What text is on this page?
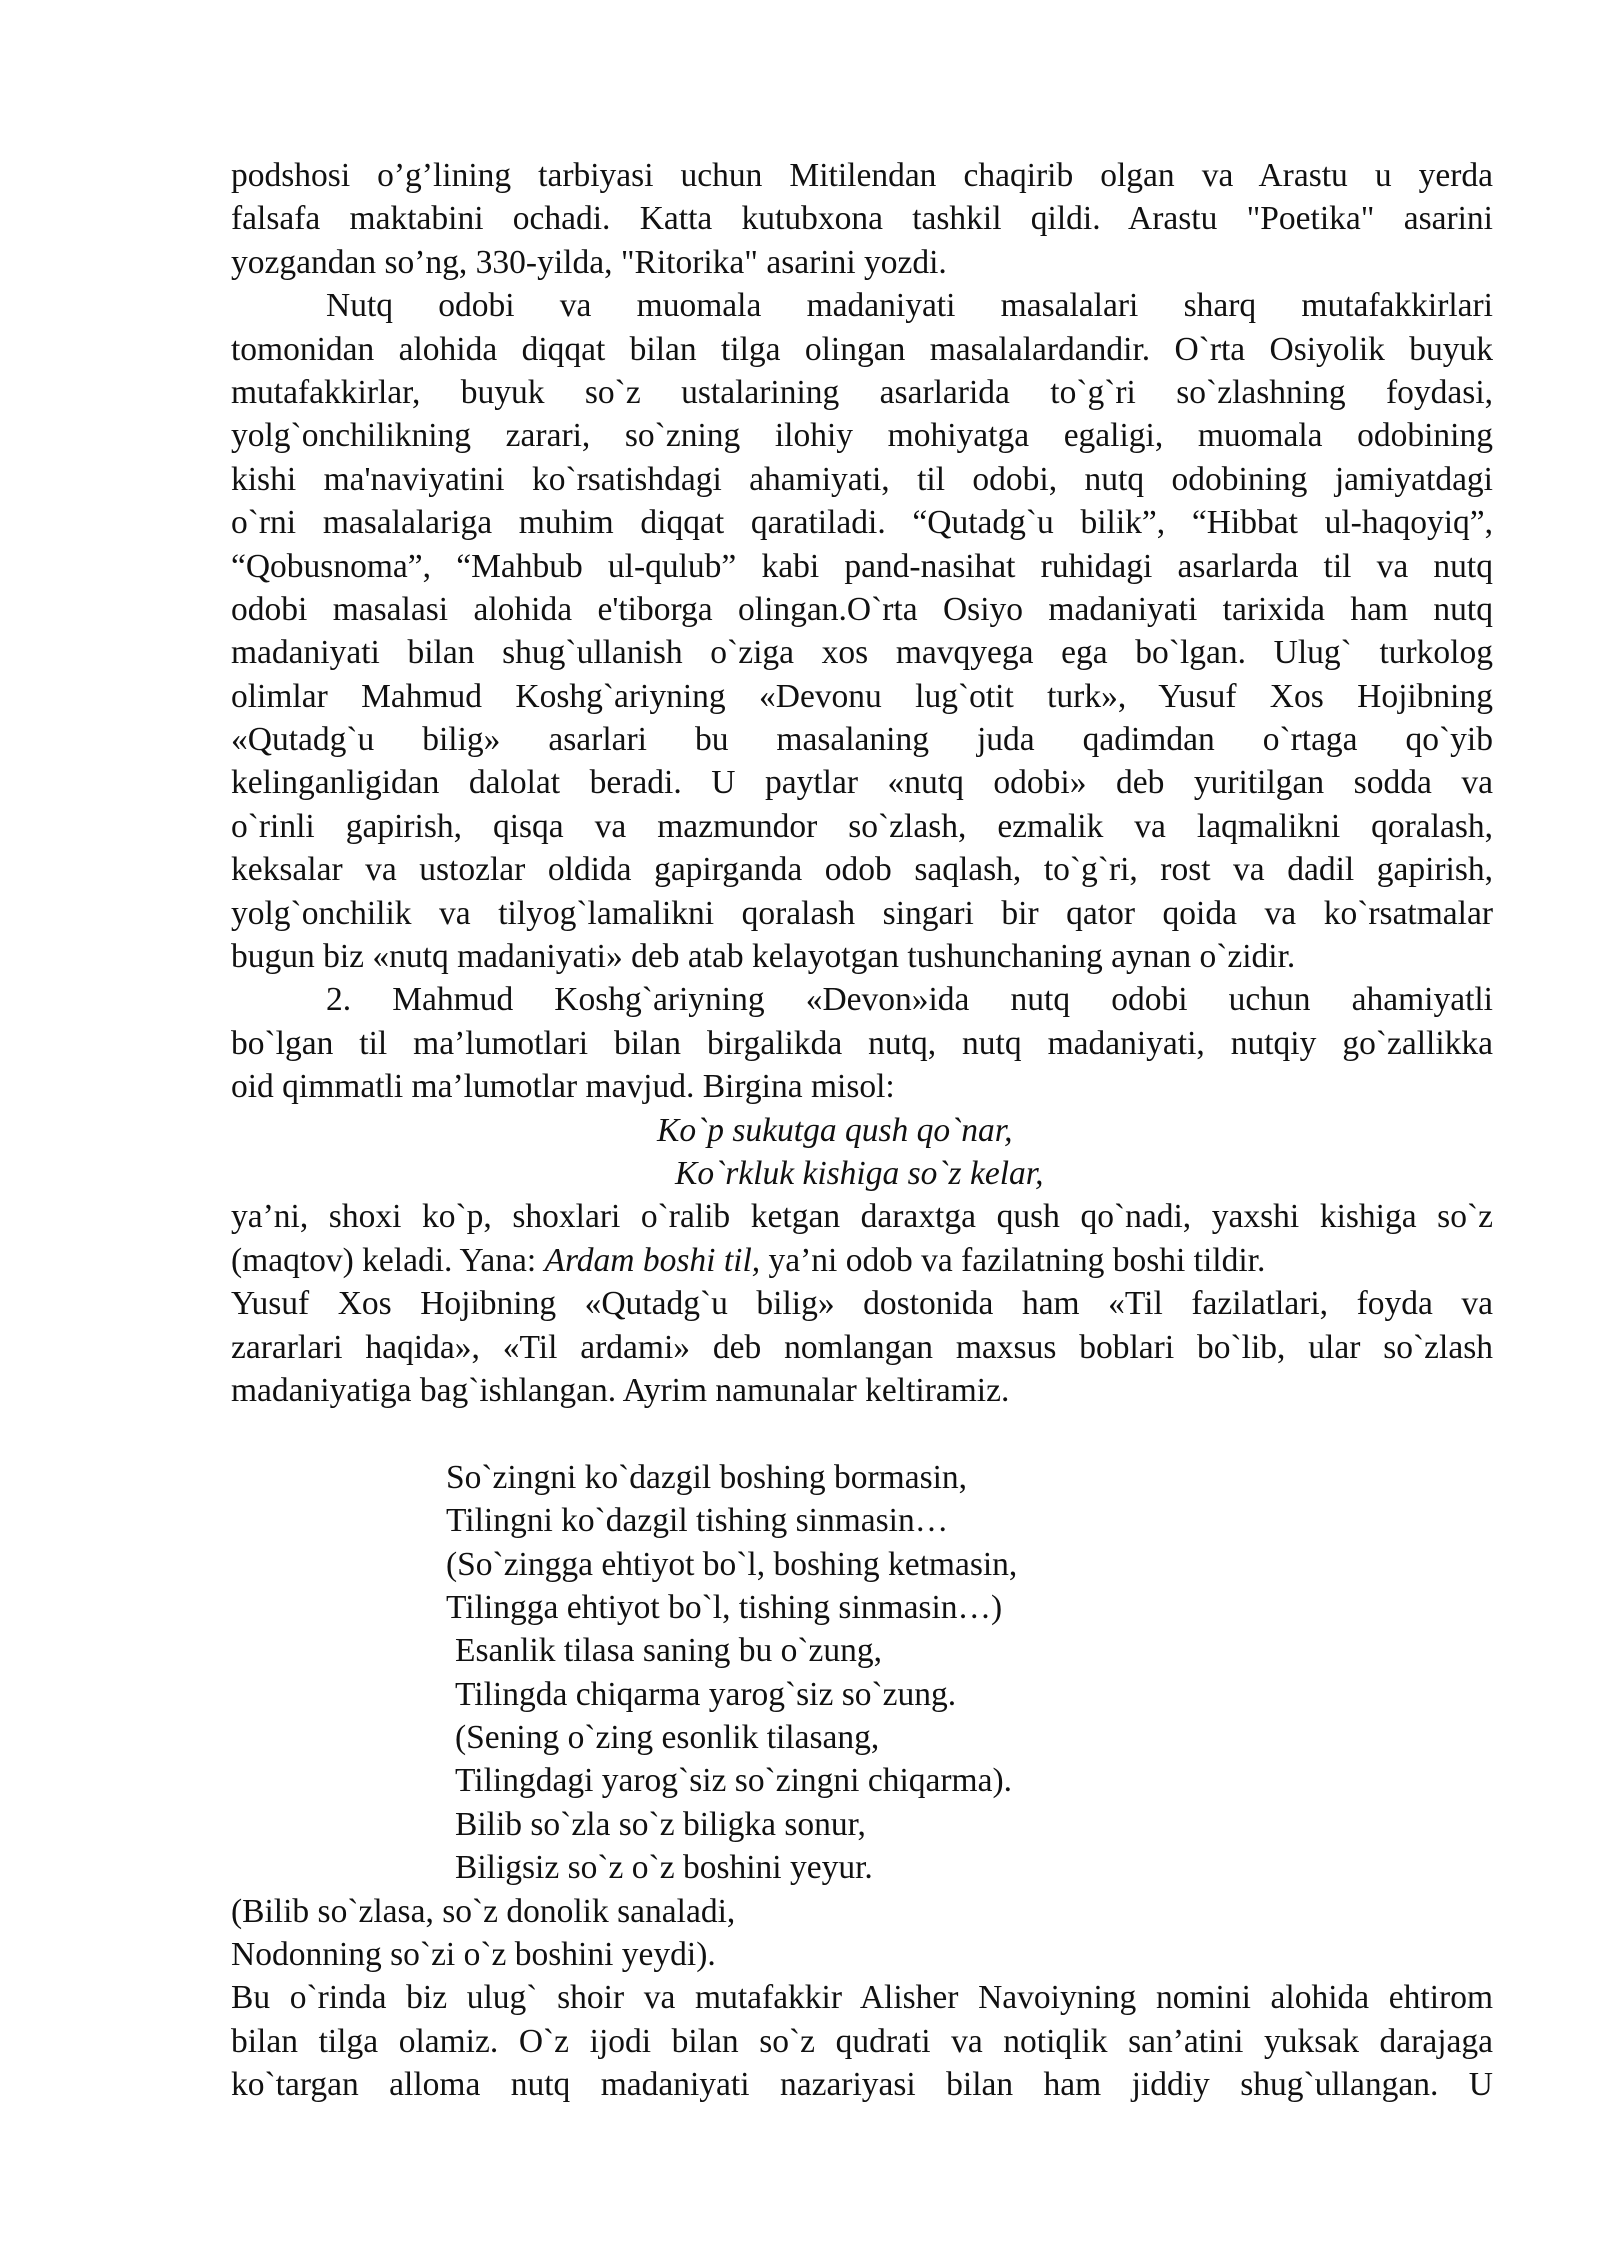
podshosi o’g’lining tarbiyasi uchun Mitilendan chaqirib olgan va Arastu u yerda
falsafa maktabini ochadi. Katta kutubxona tashkil qildi. Arastu "Poetika" asarini
yozgandan so’ng, 330-yilda, "Ritorika" asarini yozdi.
Nutq odobi va muomala madaniyati masalalari sharq mutafakkirlari
tomonidan alohida diqqat bilan tilga olingan masalalardandir. O`rta Osiyolik buyuk
mutafakkirlar, buyuk so`z ustalarining asarlarida to`g`ri so`zlashning foydasi,
yolg`onchilikning zarari, so`zning ilohiy mohiyatga egaligi, muomala odobining
kishi ma'naviyatini ko`rsatishdagi ahamiyati, til odobi, nutq odobining jamiyatdagi
o`rni masalalariga muhim diqqat qaratiladi. “Qutadg`u bilik”, “Hibbat ul-haqoyiq”,
“Qobusnoma”, “Mahbub ul-qulub” kabi pand-nasihat ruhidagi asarlarda til va nutq
odobi masalasi alohida e'tiborga olingan.O`rta Osiyo madaniyati tarixida ham nutq
madaniyati bilan shug`ullanish o`ziga xos mavqyega ega bo`lgan. Ulug` turkolog
olimlar Mahmud Koshg`ariyning «Devonu lug`otit turk», Yusuf Xos Hojibning
«Qutadg`u bilig» asarlari bu masalaning juda qadimdan o`rtaga qo`yib
kelinganligidan dalolat beradi. U paytlar «nutq odobi» deb yuritilgan sodda va
o`rinli gapirish, qisqa va mazmundor so`zlash, ezmalik va laqmalikni qoralash,
keksalar va ustozlar oldida gapirganda odob saqlash, to`g`ri, rost va dadil gapirish,
yolg`onchilik va tilyog`lamalikni qoralash singari bir qator qoida va ko`rsatmalar
bugun biz «nutq madaniyati» deb atab kelayotgan tushunchaning aynan o`zidir.
2. Mahmud Koshg`ariyning «Devon»ida nutq odobi uchun ahamiyatli
bo`lgan til ma’lumotlari bilan birgalikda nutq, nutq madaniyati, nutqiy go`zallikka
oid qimmatli ma’lumotlar mavjud. Birgina misol:
Ko`p sukutga qush qo`nar,
Ko`rkluk kishiga so`z kelar,
ya’ni, shoxi ko`p, shoxlari o`ralib ketgan daraxtga qush qo`nadi, yaxshi kishiga so`z
(maqtov) keladi. Yana: Ardam boshi til, ya’ni odob va fazilatning boshi tildir.
Yusuf Xos Hojibning «Qutadg`u bilig» dostonida ham «Til fazilatlari, foyda va
zararlari haqida», «Til ardami» deb nomlangan maxsus boblari bo`lib, ular so`zlash
madaniyatiga bag`ishlangan. Ayrim namunalar keltiramiz.
So`zingni ko`dazgil boshing bormasin,
Tilingni ko`dazgil tishing sinmasin…
(So`zingga ehtiyot bo`l, boshing ketmasin,
Tilingga ehtiyot bo`l, tishing sinmasin…)
Esanlik tilasa saning bu o`zung,
Tilingda chiqarma yarog`siz so`zung.
(Sening o`zing esonlik tilasang,
Tilingdagi yarog`siz so`zingni chiqarma).
Bilib so`zla so`z biligka sonur,
Biligsiz so`z o`z boshini yeyur.
(Bilib so`zlasa, so`z donolik sanaladi,
Nodonning so`zi o`z boshini yeydi).
Bu o`rinda biz ulug` shoir va mutafakkir Alisher Navoiyning nomini alohida ehtirom
bilan tilga olamiz. O`z ijodi bilan so`z qudrati va notiqlik san’atini yuksak darajaga
ko`targan alloma nutq madaniyati nazariyasi bilan ham jiddiy shug`ullangan. U
